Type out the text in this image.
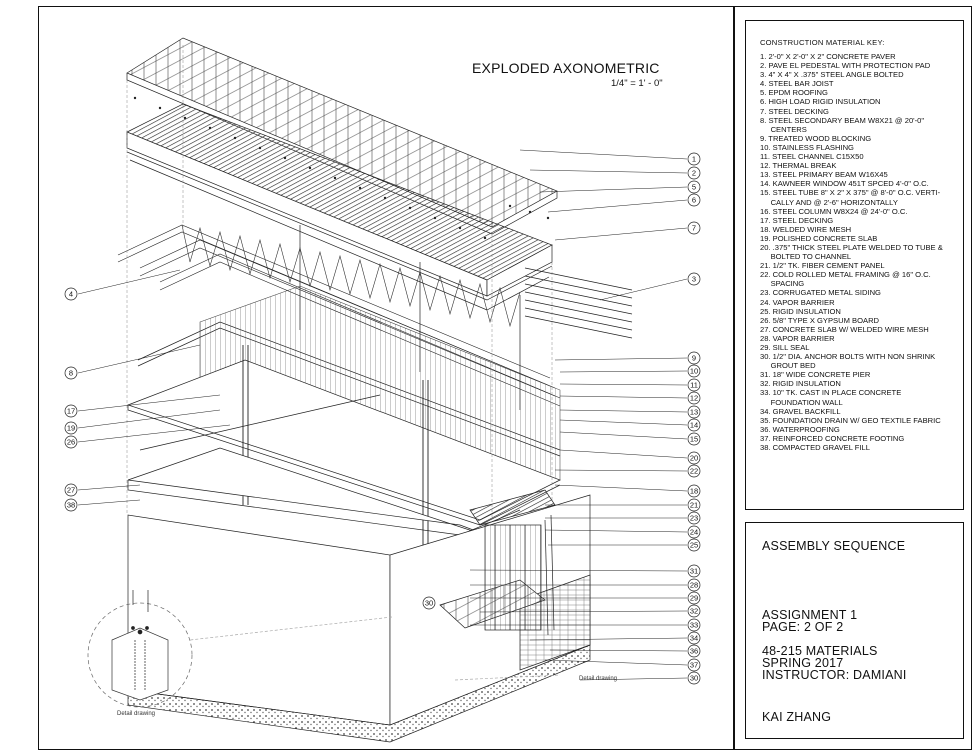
1
2
5
6
7
3
9
10
11
12
13
14
15
20
22
18
21
23
24
25
31
28
29
32
33
34
36
37
30
4
8
17
19
26
27
38
30
Detail drawing
Detail drawing
EXPLODED AXONOMETRIC
1/4" = 1' - 0"
CONSTRUCTION MATERIAL KEY:
1. 2'-0" X 2'-0" X 2" CONCRETE PAVER
2. PAVE EL PEDESTAL WITH PROTECTION PAD
3. 4" X 4" X .375" STEEL ANGLE BOLTED
4. STEEL BAR JOIST
5. EPDM ROOFING
6. HIGH LOAD RIGID INSULATION
7. STEEL DECKING
8. STEEL SECONDARY BEAM W8X21 @ 20'-0"
CENTERS
9. TREATED WOOD BLOCKING
10. STAINLESS FLASHING
11. STEEL CHANNEL C15X50
12. THERMAL BREAK
13. STEEL PRIMARY BEAM W16X45
14. KAWNEER WINDOW 451T SPCED 4'-0" O.C.
15. STEEL TUBE 8" X 2" X 375" @ 8'-0" O.C. VERTI-
CALLY AND @ 2'-6" HORIZONTALLY
16. STEEL COLUMN W8X24 @ 24'-0" O.C.
17. STEEL DECKING
18. WELDED WIRE MESH
19. POLISHED CONCRETE SLAB
20. .375" THICK STEEL PLATE WELDED TO TUBE &
BOLTED TO CHANNEL
21. 1/2" TK. FIBER CEMENT PANEL
22. COLD ROLLED METAL FRAMING @ 16" O.C.
SPACING
23. CORRUGATED METAL SIDING
24. VAPOR BARRIER
25. RIGID INSULATION
26. 5/8" TYPE X GYPSUM BOARD
27. CONCRETE SLAB W/ WELDED WIRE MESH
28. VAPOR BARRIER
29. SILL SEAL
30. 1/2" DIA. ANCHOR BOLTS WITH NON SHRINK
GROUT BED
31. 18" WIDE CONCRETE PIER
32. RIGID INSULATION
33. 10" TK. CAST IN PLACE CONCRETE
FOUNDATION WALL
34. GRAVEL BACKFILL
35. FOUNDATION DRAIN W/ GEO TEXTILE FABRIC
36. WATERPROOFING
37. REINFORCED CONCRETE FOOTING
38. COMPACTED GRAVEL FILL
ASSEMBLY SEQUENCE
ASSIGNMENT 1
PAGE: 2 OF 2
48-215 MATERIALS
SPRING 2017
INSTRUCTOR: DAMIANI
KAI ZHANG
